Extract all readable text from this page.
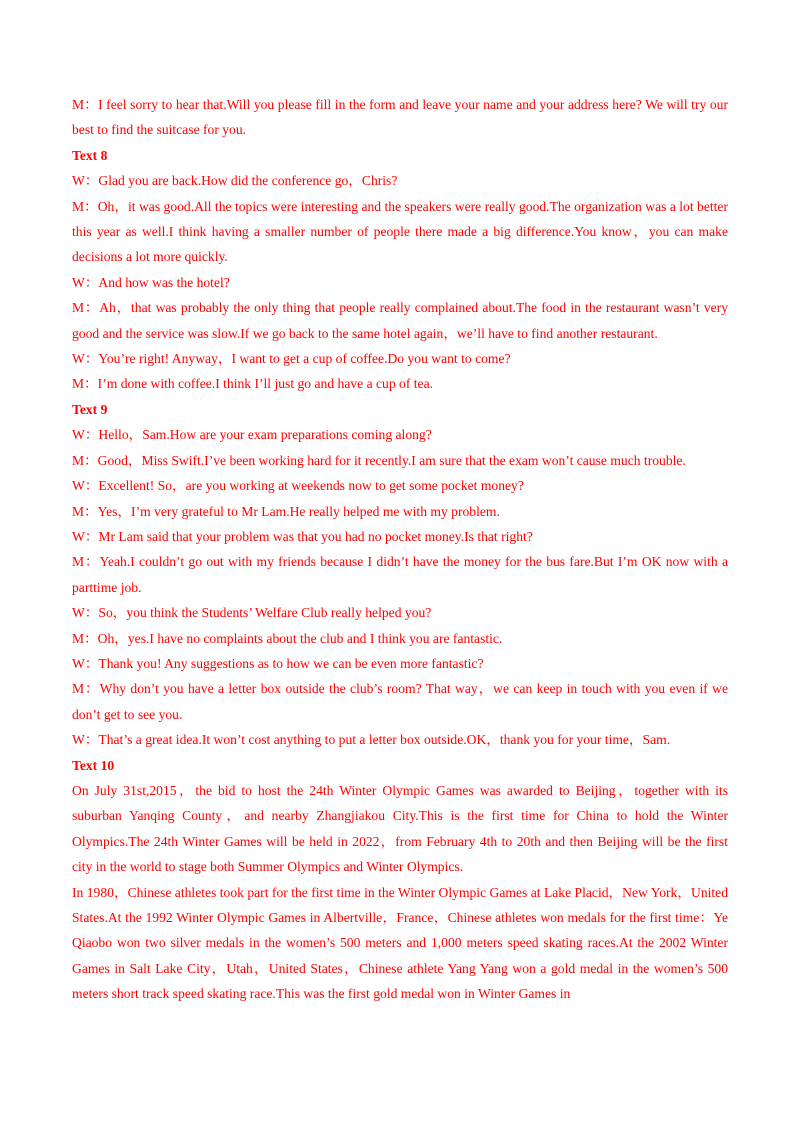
M：I feel sorry to hear that.Will you please fill in the form and leave your name and your address here? We will try our best to find the suitcase for you.

Text 8

W：Glad you are back.How did the conference go，Chris?

M：Oh，it was good.All the topics were interesting and the speakers were really good.The organization was a lot better this year as well.I think having a smaller number of people there made a big difference.You know，you can make decisions a lot more quickly.

W：And how was the hotel?

M：Ah，that was probably the only thing that people really complained about.The food in the restaurant wasn’t very good and the service was slow.If we go back to the same hotel again，we’ll have to find another restaurant.

W：You’re right! Anyway，I want to get a cup of coffee.Do you want to come?

M：I’m done with coffee.I think I’ll just go and have a cup of tea.

Text 9

W：Hello，Sam.How are your exam preparations coming along?

M：Good，Miss Swift.I’ve been working hard for it recently.I am sure that the exam won’t cause much trouble.

W：Excellent! So，are you working at weekends now to get some pocket money?

M：Yes，I’m very grateful to Mr Lam.He really helped me with my problem.

W：Mr Lam said that your problem was that you had no pocket money.Is that right?

M：Yeah.I couldn’t go out with my friends because I didn’t have the money for the bus fare.But I’m OK now with a parttime job.

W：So，you think the Students’ Welfare Club really helped you?

M：Oh，yes.I have no complaints about the club and I think you are fantastic.

W：Thank you! Any suggestions as to how we can be even more fantastic?

M：Why don’t you have a letter box outside the club’s room? That way，we can keep in touch with you even if we don’t get to see you.

W：That’s a great idea.It won’t cost anything to put a letter box outside.OK，thank you for your time，Sam.

Text 10

On July 31st,2015，the bid to host the 24th Winter Olympic Games was awarded to Beijing，together with its suburban Yanqing County，and nearby Zhangjiakou City.This is the first time for China to hold the Winter Olympics.The 24th Winter Games will be held in 2022，from February 4th to 20th and then Beijing will be the first city in the world to stage both Summer Olympics and Winter Olympics.

In 1980，Chinese athletes took part for the first time in the Winter Olympic Games at Lake Placid，New York，United States.At the 1992 Winter Olympic Games in Albertville，France，Chinese athletes won medals for the first time：Ye Qiaobo won two silver medals in the women’s 500 meters and 1,000 meters speed skating races.At the 2002 Winter Games in Salt Lake City，Utah，United States，Chinese athlete Yang Yang won a gold medal in the women’s 500 meters short track speed skating race.This was the first gold medal won in Winter Games in
